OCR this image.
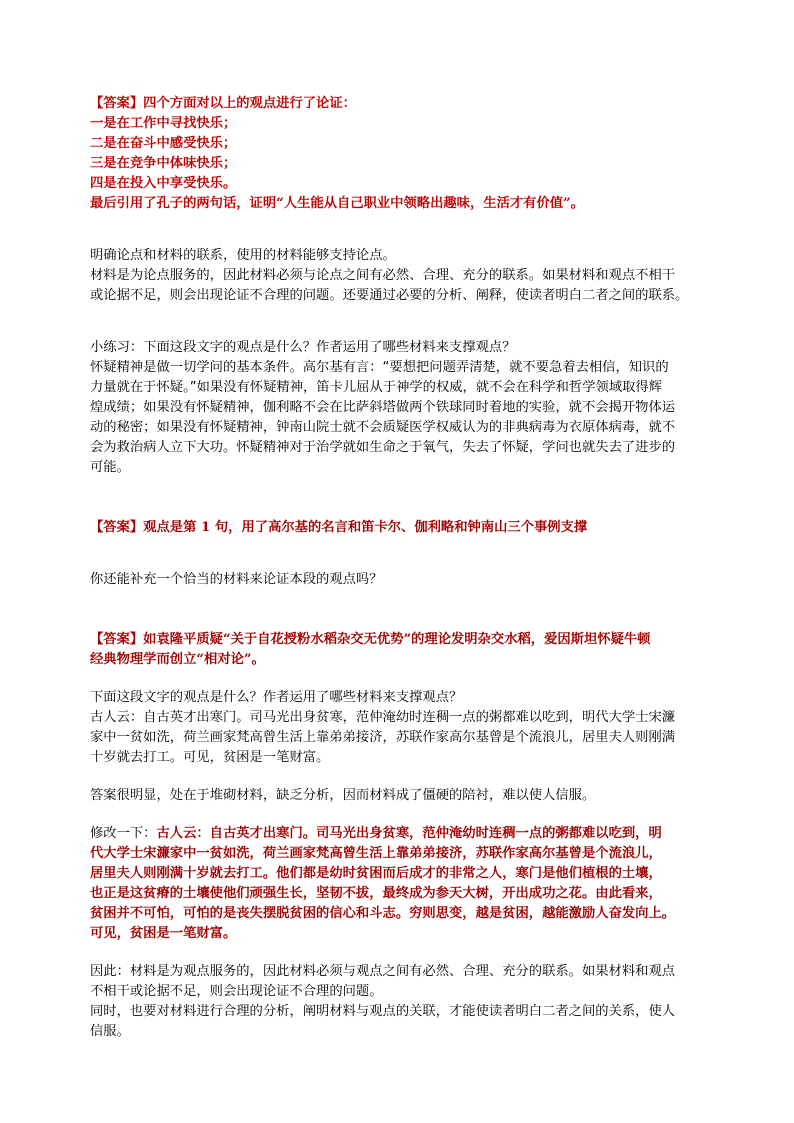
【答案】四个方面对以上的观点进行了论证：
一是在工作中寻找快乐；
二是在奋斗中感受快乐；
三是在竞争中体味快乐；
四是在投入中享受快乐。
最后引用了孔子的两句话，证明“人生能从自己职业中领略出趣味，生活才有价值”。
明确论点和材料的联系，使用的材料能够支持论点。
材料是为论点服务的，因此材料必须与论点之间有必然、合理、充分的联系。如果材料和观点不相干
或论据不足，则会出现论证不合理的问题。还要通过必要的分析、阐释，使读者明白二者之间的联系。
小练习：下面这段文字的观点是什么？作者运用了哪些材料来支撑观点？
怀疑精神是做一切学问的基本条件。高尔基有言：“要想把问题弄清楚，就不要急着去相信，知识的
力量就在于怀疑。”如果没有怀疑精神，笛卡儿屈从于神学的权威，就不会在科学和哲学领域取得辉
煌成绩；如果没有怀疑精神，伽利略不会在比萨斜塔做两个铁球同时着地的实验，就不会揭开物体运
动的秘密；如果没有怀疑精神，钟南山院士就不会质疑医学权威认为的非典病毒为衣原体病毒，就不
会为救治病人立下大功。怀疑精神对于治学就如生命之于氧气，失去了怀疑，学问也就失去了进步的
可能。
【答案】观点是第 1 句，用了高尔基的名言和笛卡尔、伽利略和钟南山三个事例支撑
你还能补充一个恰当的材料来论证本段的观点吗？
【答案】如袁隆平质疑“关于自花授粉水稻杂交无优势”的理论发明杂交水稻，爱因斯坦怀疑牛顿
经典物理学而创立“相对论”。
下面这段文字的观点是什么？作者运用了哪些材料来支撑观点？
古人云：自古英才出寒门。司马光出身贫寒，范仲淹幼时连稠一点的粥都难以吃到，明代大学士宋濂
家中一贫如洗，荷兰画家梵高曾生活上靠弟弟接济，苏联作家高尔基曾是个流浪儿，居里夫人则刚满
十岁就去打工。可见，贫困是一笔财富。
答案很明显，处在于堆砌材料，缺乏分析，因而材料成了僵硬的陪衬，难以使人信服。
修改一下：古人云：自古英才出寒门。司马光出身贫寒，范仲淹幼时连稠一点的粥都难以吃到，明
代大学士宋濂家中一贫如洗，荷兰画家梵高曾生活上靠弟弟接济，苏联作家高尔基曾是个流浪儿，
居里夫人则刚满十岁就去打工。他们都是幼时贫困而后成才的非常之人，寒门是他们植根的土壤，
也正是这贫瘠的土壤使他们顽强生长，坚韧不拔，最终成为参天大树，开出成功之花。由此看来，
贫困并不可怕，可怕的是丧失摆脱贫困的信心和斗志。穷则思变，越是贫困，越能激励人奋发向上。
可见，贫困是一笔财富。
因此：材料是为观点服务的，因此材料必须与观点之间有必然、合理、充分的联系。如果材料和观点
不相干或论据不足，则会出现论证不合理的问题。
同时，也要对材料进行合理的分析，阐明材料与观点的关联，才能使读者明白二者之间的关系，使人
信服。
